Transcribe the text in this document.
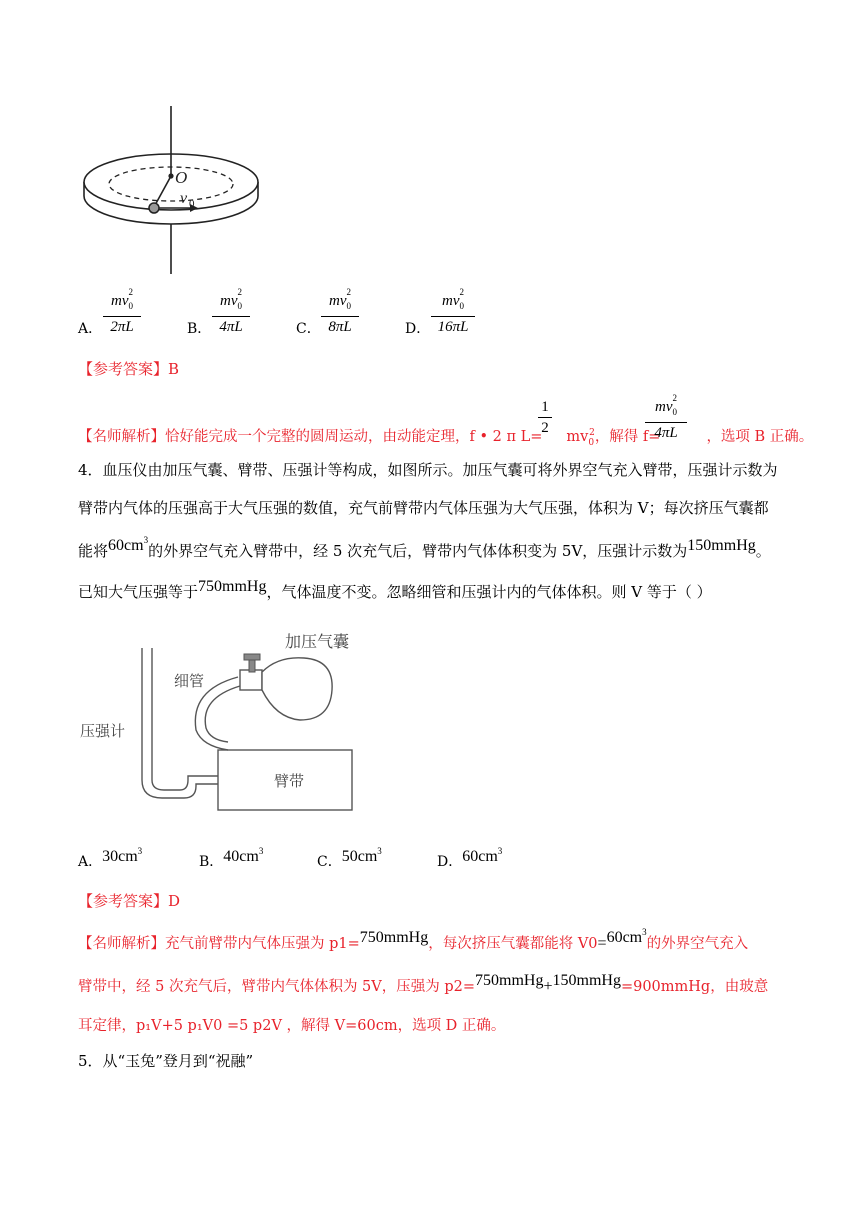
O
v 0
A．
mv
2
$_0$
2πL	B．
mv
2
$_0$
4πL	C．
mv
2
$_0$
8πL	D．
mv
2
$_0$
16πL
【参考答案】B
【名师解析】恰好能完成一个完整的圆周运动，由动能定理，f • 2 π $L= mv_0^2$，解得 f=	，选项 B 正确。
1
2
mv
2
$_0$
4πL
4．血压仪由加压气囊、臂带、压强计等构成，如图所示。加压气囊可将外界空气充入臂带，压强计示数为
臂带内气体的压强高于大气压强的数值，充气前臂带内气体压强为大气压强，体积为 V；每次挤压气囊都
能将$60cm^3$的外界空气充入臂带中，经 5 次充气后，臂带内气体体积变为 5V，压强计示数为150mmHg。
已知大气压强等于750mmHg，气体温度不变。忽略细管和压强计内的气体体积。则 V 等于（ ）
加压气囊
细管
压强计
臂带
A．$30cm^3$
B．$40cm^3$
C．$50cm^3$
D．$60cm^3$
【参考答案】D
【名师解析】充气前臂带内气体压强为 p1=750mmHg，每次挤压气囊都能将 $V0=60cm^3$的外界空气充入
臂带中，经 5 次充气后，臂带内气体体积为 5V，压强为 p2=750mmHg+150mmHg=900mmHg，由玻意
耳定律，p₁V+5 p₁V0 =5 p2V ，解得 V=60cm，选项 D 正确。
5．从“玉兔”登月到“祝融”
